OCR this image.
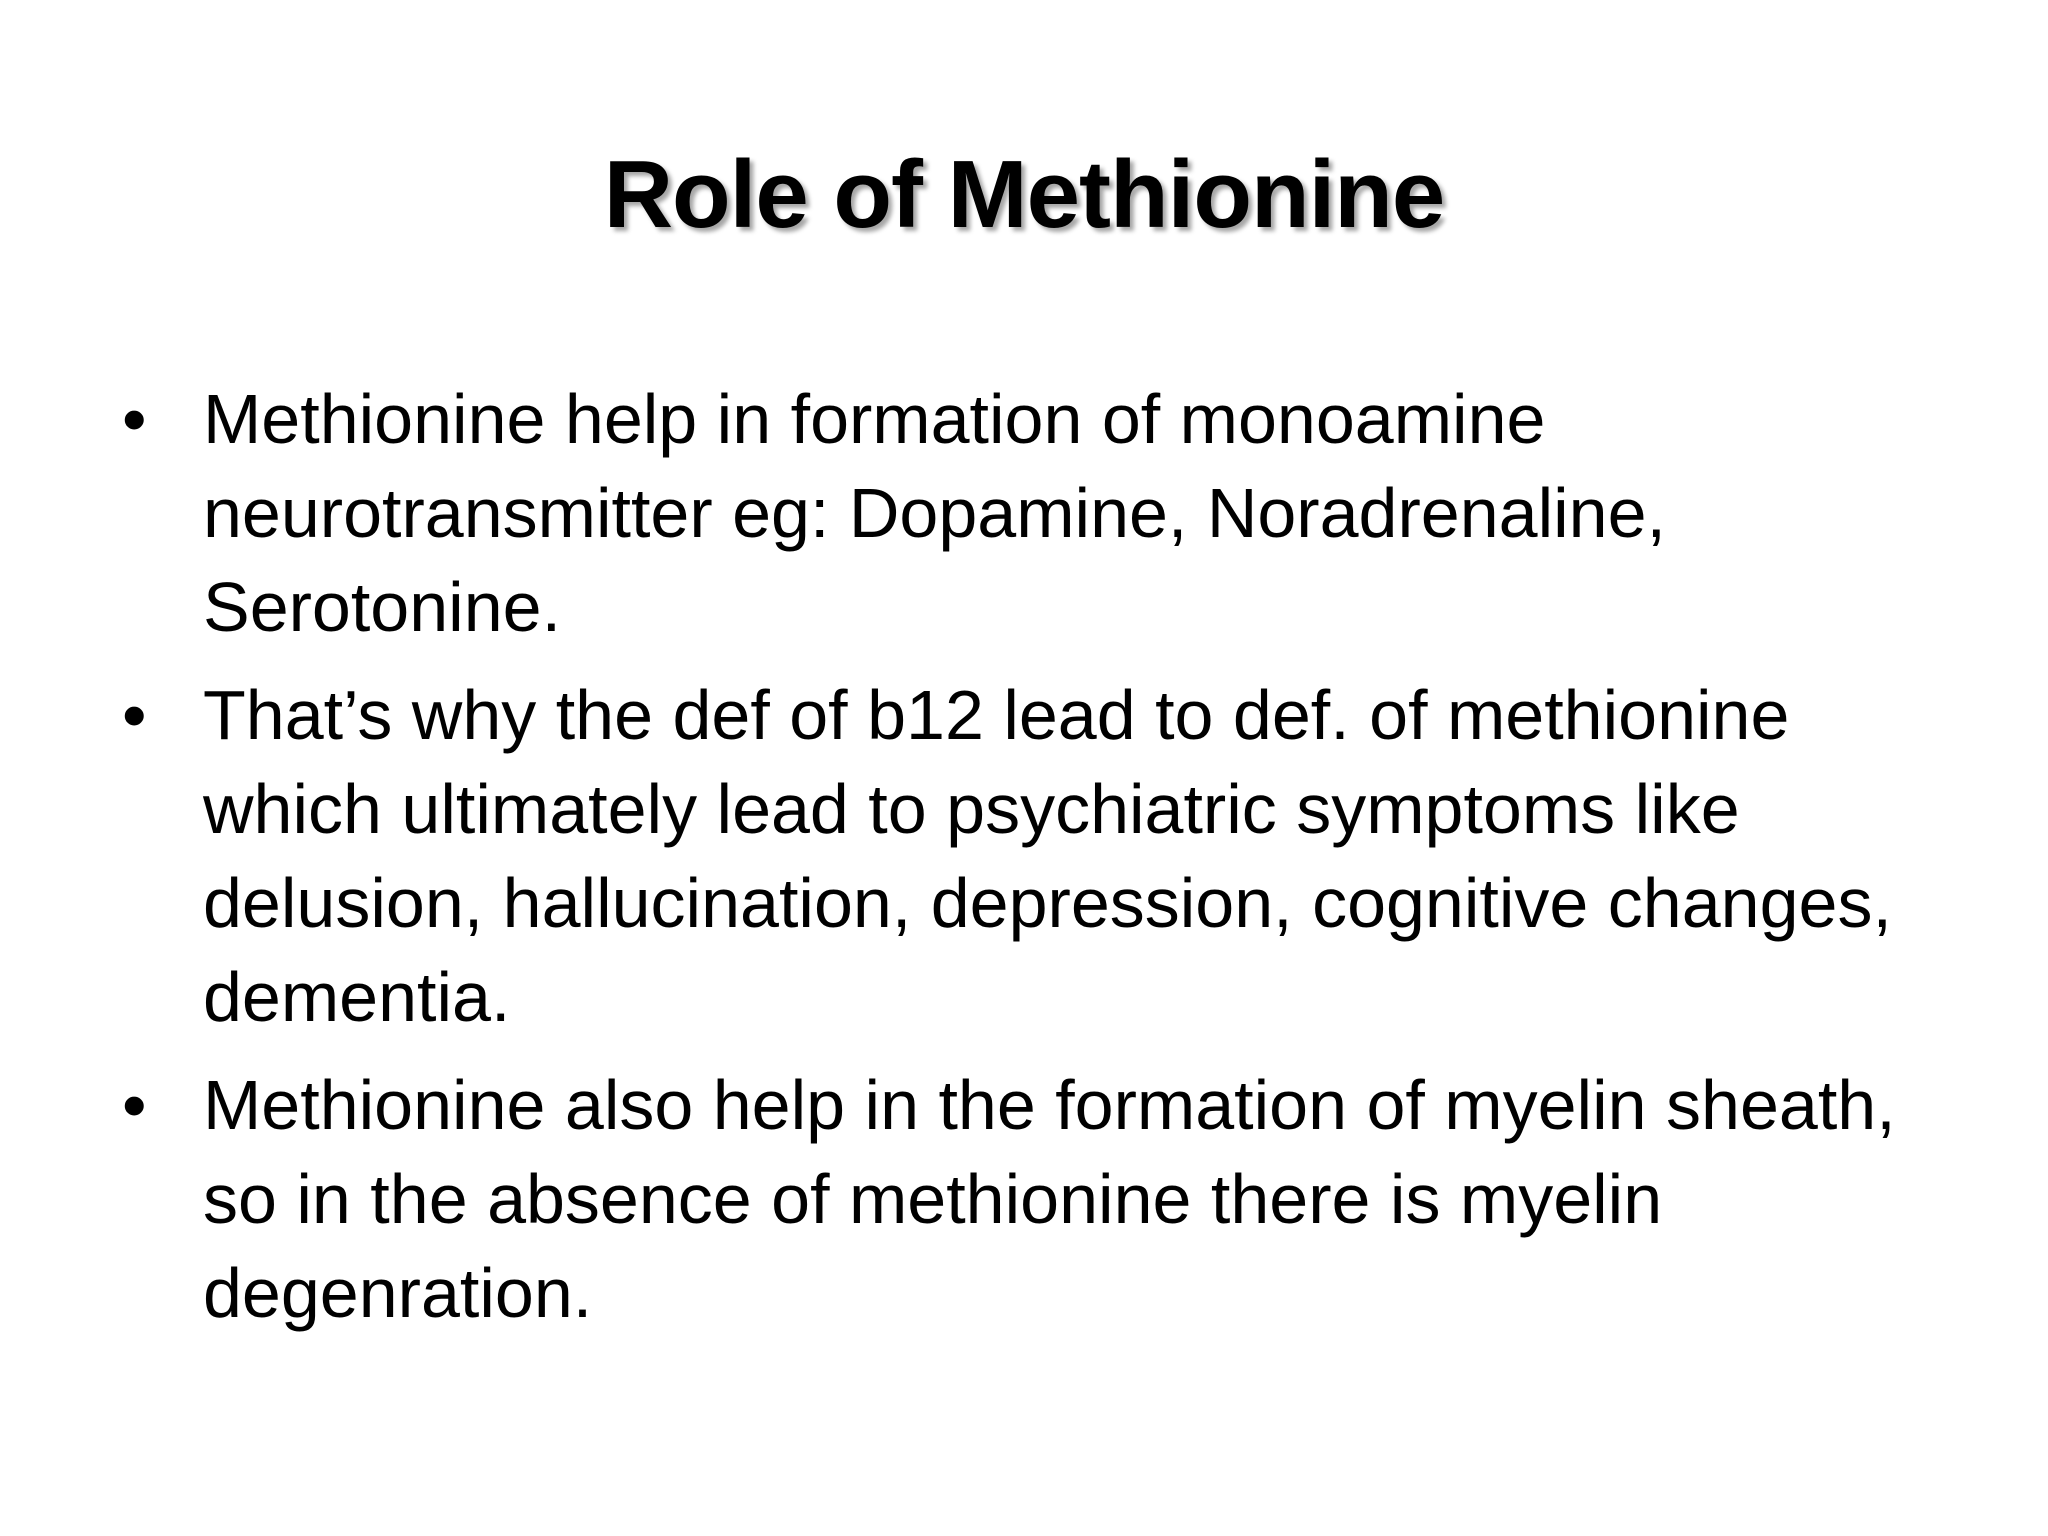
Role of Methionine
• Methionine help in formation of monoamine neurotransmitter eg: Dopamine, Noradrenaline, Serotonine.
• That’s why the def of b12 lead to def. of methionine which ultimately lead to psychiatric symptoms like delusion, hallucination, depression, cognitive changes, dementia.
• Methionine also help in the formation of myelin sheath, so in the absence of methionine there is myelin degenration.
